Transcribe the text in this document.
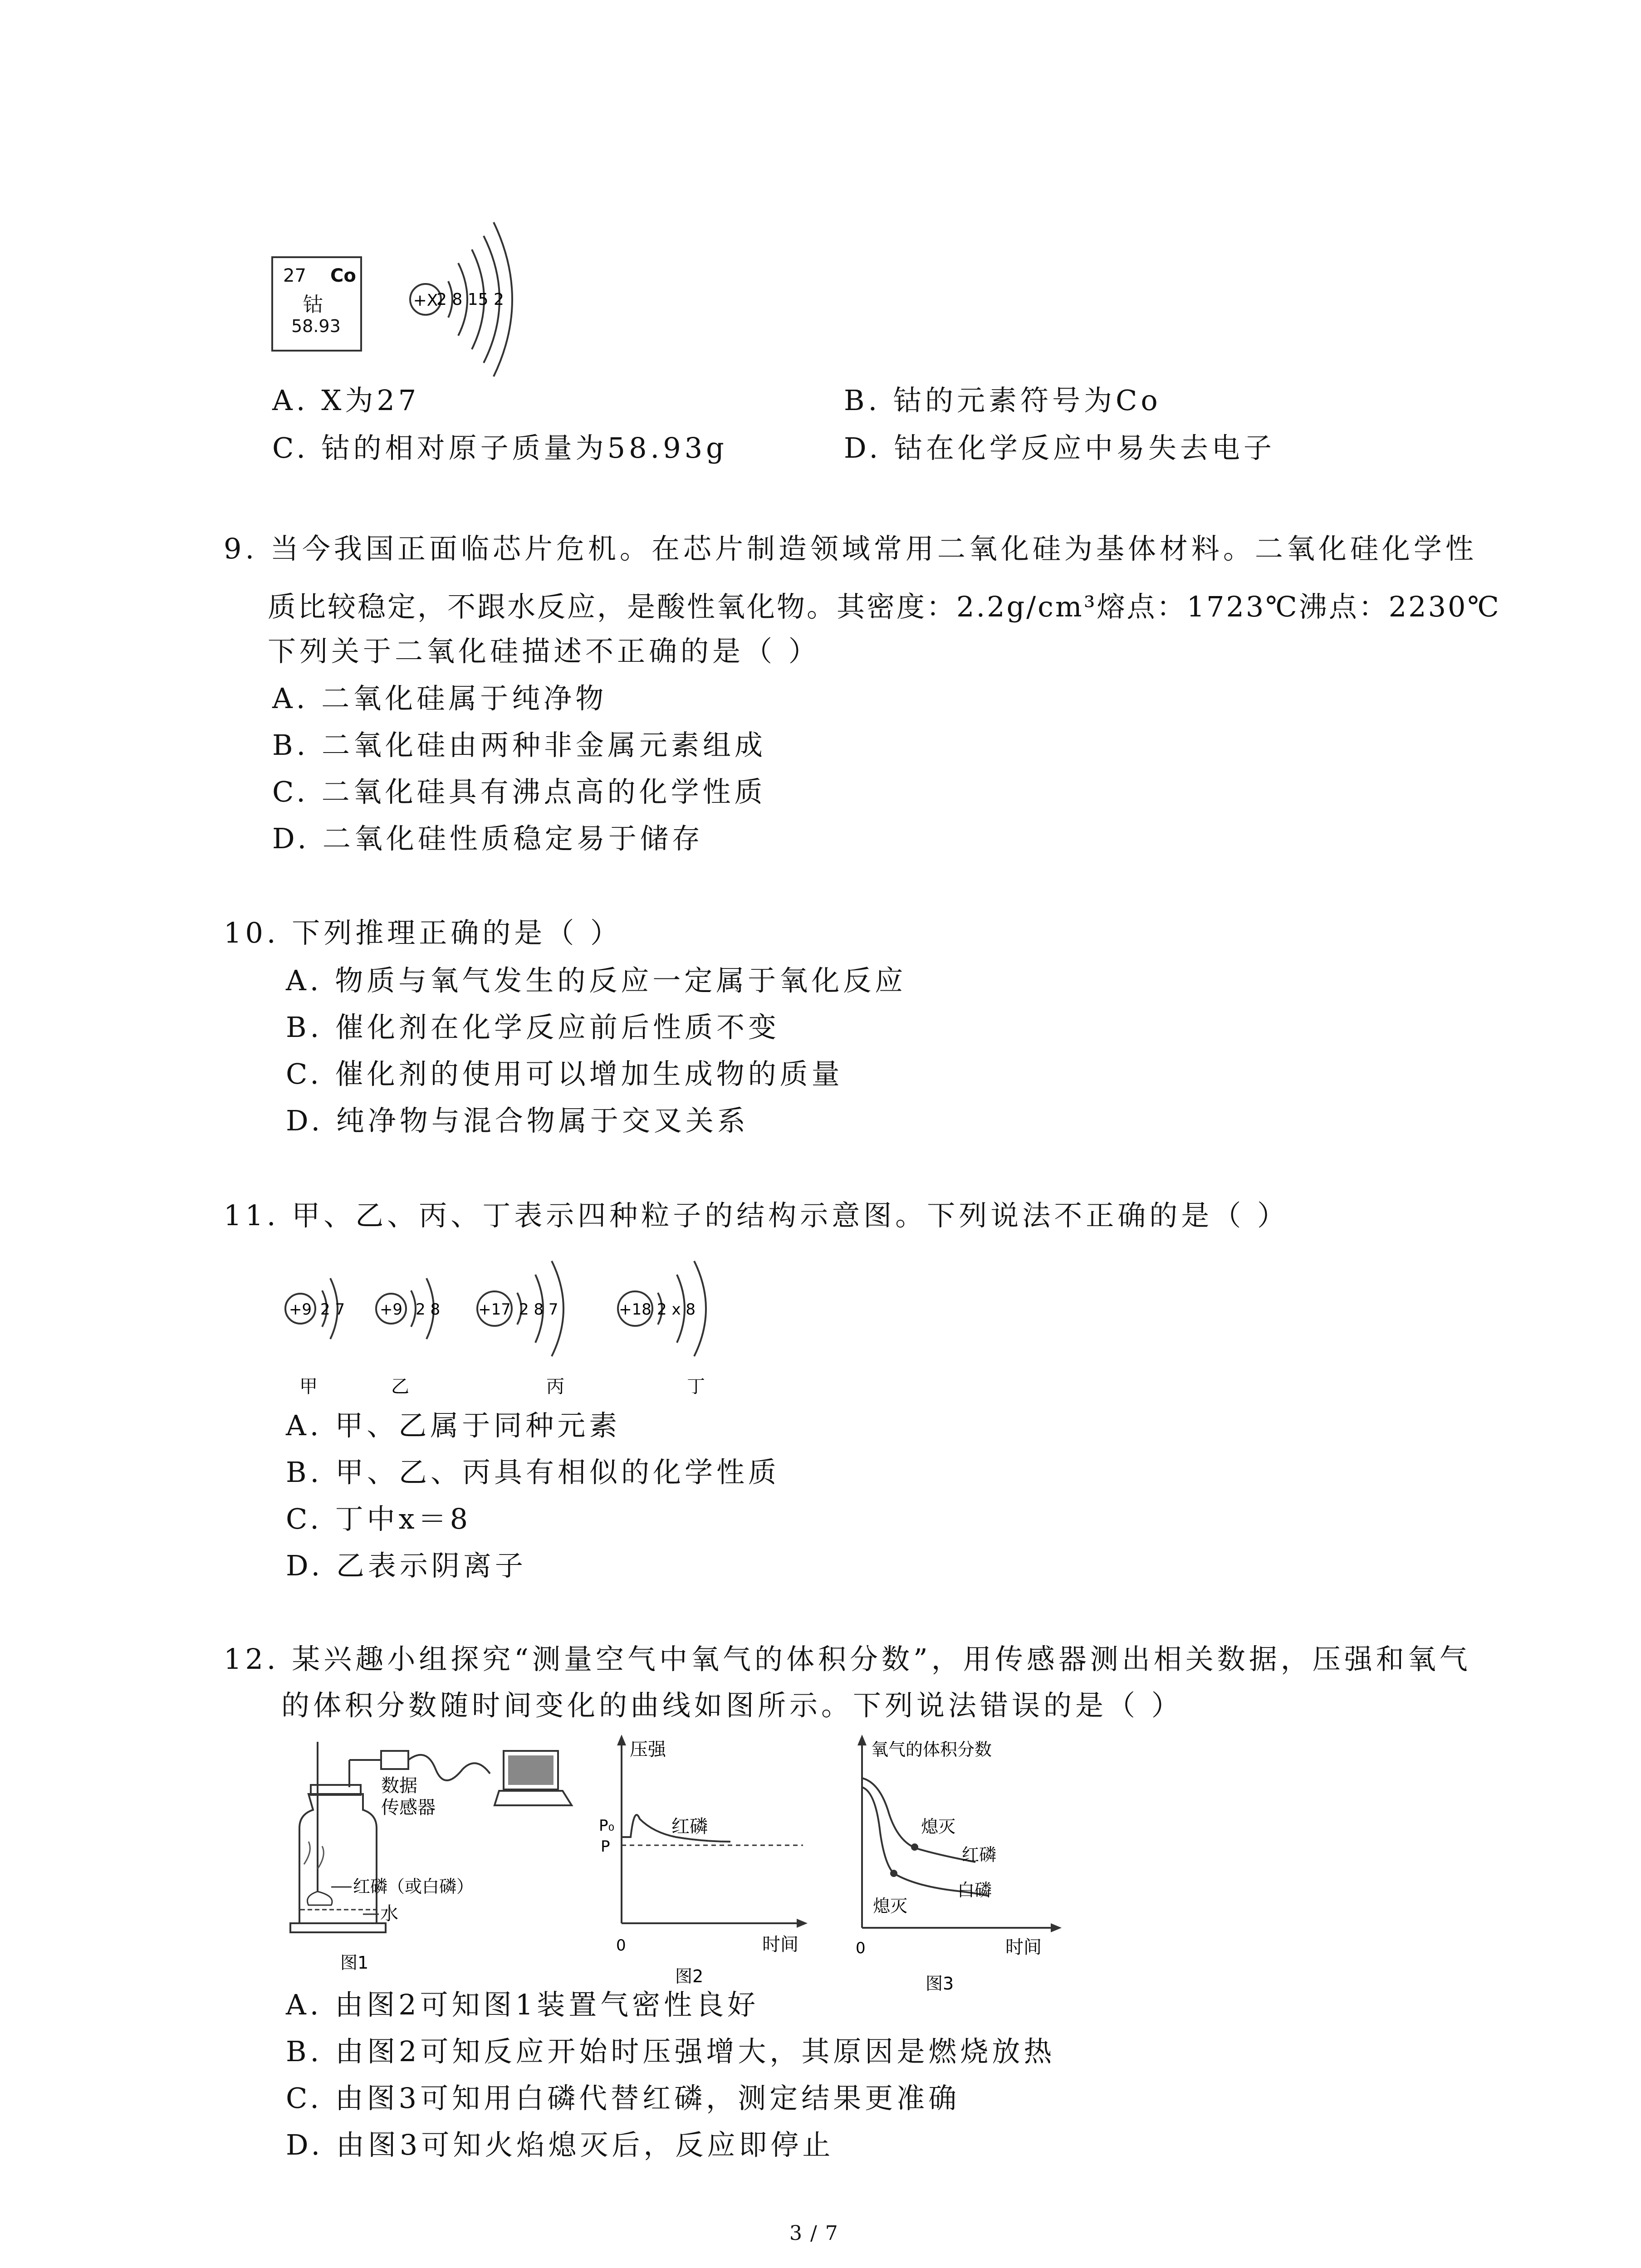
27 Co
钴
58.93
+X
2 8 15 2
A. X为27	B. 钴的元素符号为Co
C. 钴的相对原子质量为58.93g	D. 钴在化学反应中易失去电子
9. 当今我国正面临芯片危机。在芯片制造领域常用二氧化硅为基体材料。二氧化硅化学性
质比较稳定，不跟水反应，是酸性氧化物。其密度：2.2g/cm³熔点：1723℃沸点：2230℃
下列关于二氧化硅描述不正确的是（ ）
A. 二氧化硅属于纯净物
B. 二氧化硅由两种非金属元素组成
C. 二氧化硅具有沸点高的化学性质
D. 二氧化硅性质稳定易于储存
10. 下列推理正确的是（ ）
A. 物质与氧气发生的反应一定属于氧化反应
B. 催化剂在化学反应前后性质不变
C. 催化剂的使用可以增加生成物的质量
D. 纯净物与混合物属于交叉关系
11. 甲、乙、丙、丁表示四种粒子的结构示意图。下列说法不正确的是（ ）
+9 2 7
甲
+9 2 8
乙
+17 2 8 7
丙
+18 2 x 8
丁
A. 甲、乙属于同种元素
B. 甲、乙、丙具有相似的化学性质
C. 丁中x＝8
D. 乙表示阴离子
12. 某兴趣小组探究“测量空气中氧气的体积分数”，用传感器测出相关数据，压强和氧气
的体积分数随时间变化的曲线如图所示。下列说法错误的是（ ）
数据
传感器
红磷（或白磷）
水
图1
压强
P₀
P
红磷
0	时间
图2
氧气的体积分数
熄灭
红磷
熄灭
白磷
0	时间
图3
A. 由图2可知图1装置气密性良好
B. 由图2可知反应开始时压强增大，其原因是燃烧放热
C. 由图3可知用白磷代替红磷，测定结果更准确
D. 由图3可知火焰熄灭后，反应即停止
3 / 7
